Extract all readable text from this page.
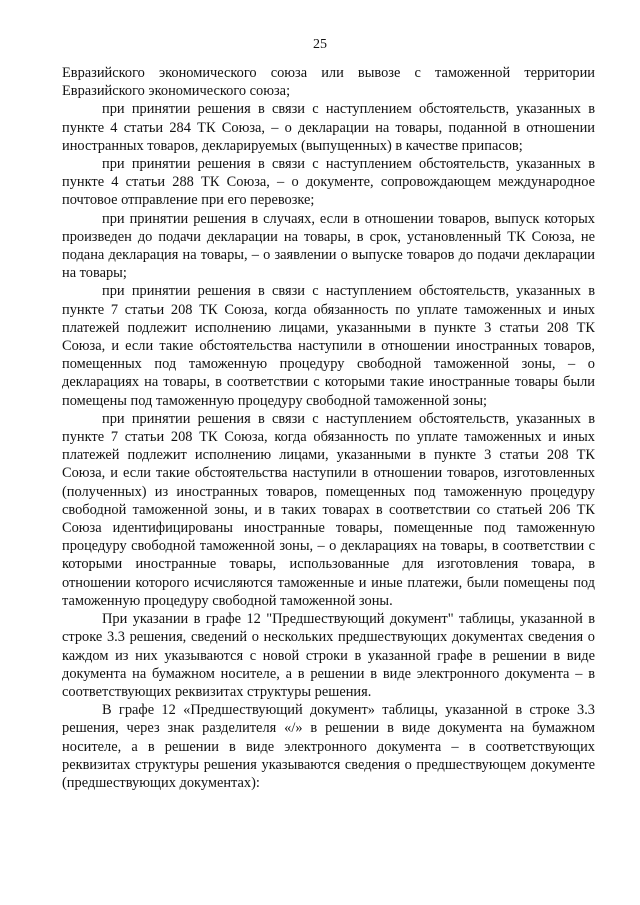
25

Евразийского экономического союза или вывозе с таможенной территории Евразийского экономического союза;

при принятии решения в связи с наступлением обстоятельств, указанных в пункте 4 статьи 284 ТК Союза, – о декларации на товары, поданной в отношении иностранных товаров, декларируемых (выпущенных) в качестве припасов;

при принятии решения в связи с наступлением обстоятельств, указанных в пункте 4 статьи 288 ТК Союза, – о документе, сопровождающем международное почтовое отправление при его перевозке;

при принятии решения в случаях, если в отношении товаров, выпуск которых произведен до подачи декларации на товары, в срок, установленный ТК Союза, не подана декларация на товары, – о заявлении о выпуске товаров до подачи декларации на товары;

при принятии решения в связи с наступлением обстоятельств, указанных в пункте 7 статьи 208 ТК Союза, когда обязанность по уплате таможенных и иных платежей подлежит исполнению лицами, указанными в пункте 3 статьи 208 ТК Союза, и если такие обстоятельства наступили в отношении иностранных товаров, помещенных под таможенную процедуру свободной таможенной зоны, – о декларациях на товары, в соответствии с которыми такие иностранные товары были помещены под таможенную процедуру свободной таможенной зоны;

при принятии решения в связи с наступлением обстоятельств, указанных в пункте 7 статьи 208 ТК Союза, когда обязанность по уплате таможенных и иных платежей подлежит исполнению лицами, указанными в пункте 3 статьи 208 ТК Союза, и если такие обстоятельства наступили в отношении товаров, изготовленных (полученных) из иностранных товаров, помещенных под таможенную процедуру свободной таможенной зоны, и в таких товарах в соответствии со статьей 206 ТК Союза идентифицированы иностранные товары, помещенные под таможенную процедуру свободной таможенной зоны, – о декларациях на товары, в соответствии с которыми иностранные товары, использованные для изготовления товара, в отношении которого исчисляются таможенные и иные платежи, были помещены под таможенную процедуру свободной таможенной зоны.

При указании в графе 12 "Предшествующий документ" таблицы, указанной в строке 3.3 решения, сведений о нескольких предшествующих документах сведения о каждом из них указываются с новой строки в указанной графе в решении в виде документа на бумажном носителе, а в решении в виде электронного документа – в соответствующих реквизитах структуры решения.

В графе 12 «Предшествующий документ» таблицы, указанной в строке 3.3 решения, через знак разделителя «/» в решении в виде документа на бумажном носителе, а в решении в виде электронного документа – в соответствующих реквизитах структуры решения указываются сведения о предшествующем документе (предшествующих документах):
